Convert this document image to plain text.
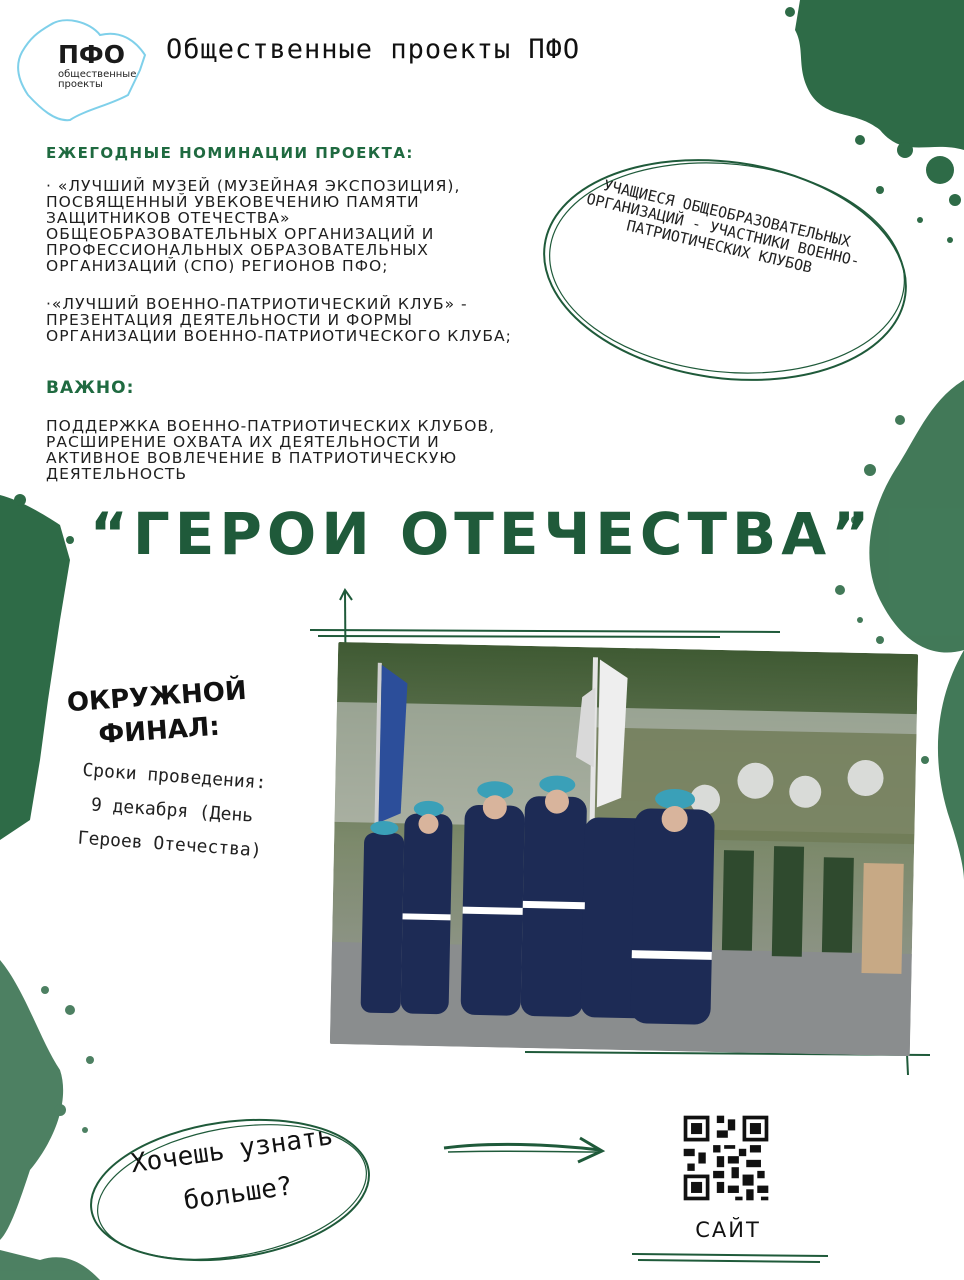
ПФО
общественные
проекты
Общественные проекты ПФО
ЕЖЕГОДНЫЕ НОМИНАЦИИ ПРОЕКТА:
· «ЛУЧШИЙ МУЗЕЙ (МУЗЕЙНАЯ ЭКСПОЗИЦИЯ), ПОСВЯЩЕННЫЙ УВЕКОВЕЧЕНИЮ ПАМЯТИ ЗАЩИТНИКОВ ОТЕЧЕСТВА» ОБЩЕОБРАЗОВАТЕЛЬНЫХ ОРГАНИЗАЦИЙ И ПРОФЕССИОНАЛЬНЫХ ОБРАЗОВАТЕЛЬНЫХ ОРГАНИЗАЦИЙ (СПО) РЕГИОНОВ ПФО;
·«ЛУЧШИЙ ВОЕННО-ПАТРИОТИЧЕСКИЙ КЛУБ» - ПРЕЗЕНТАЦИЯ ДЕЯТЕЛЬНОСТИ И ФОРМЫ ОРГАНИЗАЦИИ ВОЕННО-ПАТРИОТИЧЕСКОГО КЛУБА;
ВАЖНО:
ПОДДЕРЖКА ВОЕННО-ПАТРИОТИЧЕСКИХ КЛУБОВ, РАСШИРЕНИЕ ОХВАТА ИХ ДЕЯТЕЛЬНОСТИ И АКТИВНОЕ ВОВЛЕЧЕНИЕ В ПАТРИОТИЧЕСКУЮ ДЕЯТЕЛЬНОСТЬ
УЧАЩИЕСЯ ОБЩЕОБРАЗОВАТЕЛЬНЫХ ОРГАНИЗАЦИЙ - УЧАСТНИКИ ВОЕННО-ПАТРИОТИЧЕСКИХ КЛУБОВ
“ГЕРОИ ОТЕЧЕСТВА”
ОКРУЖНОЙ
ФИНАЛ:
Сроки проведения:
9 декабря (День
Героев Отечества)
Хочешь узнать
больше?
САЙТ
